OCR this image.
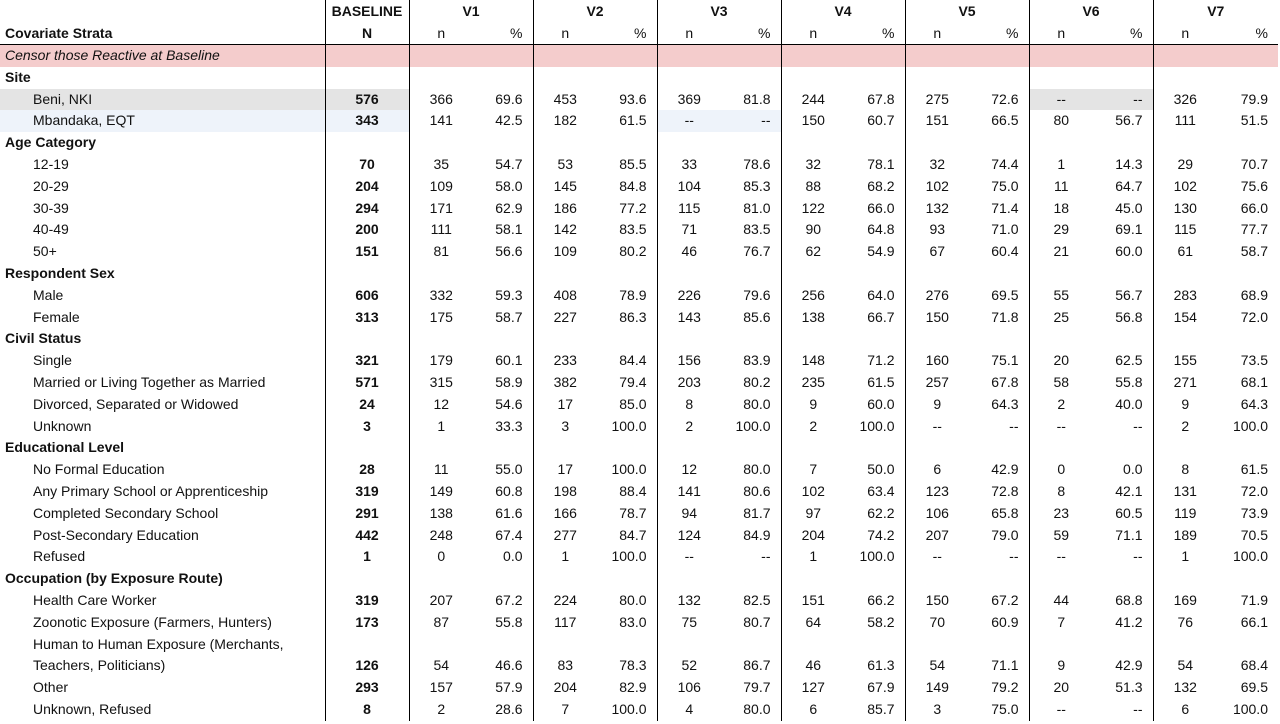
	BASELINE	V1		V2		V3		V4		V5		V6		V7	
Covariate Strata	N	n	%	n	%	n	%	n	%	n	%	n	%	n	%
Censor those Reactive at Baseline															
Site															
Beni, NKI	576	366	69.6	453	93.6	369	81.8	244	67.8	275	72.6	--	--	326	79.9
Mbandaka, EQT	343	141	42.5	182	61.5	--	--	150	60.7	151	66.5	80	56.7	111	51.5
Age Category															
12-19	70	35	54.7	53	85.5	33	78.6	32	78.1	32	74.4	1	14.3	29	70.7
20-29	204	109	58.0	145	84.8	104	85.3	88	68.2	102	75.0	11	64.7	102	75.6
30-39	294	171	62.9	186	77.2	115	81.0	122	66.0	132	71.4	18	45.0	130	66.0
40-49	200	111	58.1	142	83.5	71	83.5	90	64.8	93	71.0	29	69.1	115	77.7
50+	151	81	56.6	109	80.2	46	76.7	62	54.9	67	60.4	21	60.0	61	58.7
Respondent Sex															
Male	606	332	59.3	408	78.9	226	79.6	256	64.0	276	69.5	55	56.7	283	68.9
Female	313	175	58.7	227	86.3	143	85.6	138	66.7	150	71.8	25	56.8	154	72.0
Civil Status															
Single	321	179	60.1	233	84.4	156	83.9	148	71.2	160	75.1	20	62.5	155	73.5
Married or Living Together as Married	571	315	58.9	382	79.4	203	80.2	235	61.5	257	67.8	58	55.8	271	68.1
Divorced, Separated or Widowed	24	12	54.6	17	85.0	8	80.0	9	60.0	9	64.3	2	40.0	9	64.3
Unknown	3	1	33.3	3	100.0	2	100.0	2	100.0	--	--	--	--	2	100.0
Educational Level															
No Formal Education	28	11	55.0	17	100.0	12	80.0	7	50.0	6	42.9	0	0.0	8	61.5
Any Primary School or Apprenticeship	319	149	60.8	198	88.4	141	80.6	102	63.4	123	72.8	8	42.1	131	72.0
Completed Secondary School	291	138	61.6	166	78.7	94	81.7	97	62.2	106	65.8	23	60.5	119	73.9
Post-Secondary Education	442	248	67.4	277	84.7	124	84.9	204	74.2	207	79.0	59	71.1	189	70.5
Refused	1	0	0.0	1	100.0	--	--	1	100.0	--	--	--	--	1	100.0
Occupation (by Exposure Route)															
Health Care Worker	319	207	67.2	224	80.0	132	82.5	151	66.2	150	67.2	44	68.8	169	71.9
Zoonotic Exposure (Farmers, Hunters)	173	87	55.8	117	83.0	75	80.7	64	58.2	70	60.9	7	41.2	76	66.1
Human to Human Exposure (Merchants,															
Teachers, Politicians)	126	54	46.6	83	78.3	52	86.7	46	61.3	54	71.1	9	42.9	54	68.4
Other	293	157	57.9	204	82.9	106	79.7	127	67.9	149	79.2	20	51.3	132	69.5
Unknown, Refused	8	2	28.6	7	100.0	4	80.0	6	85.7	3	75.0	--	--	6	100.0
